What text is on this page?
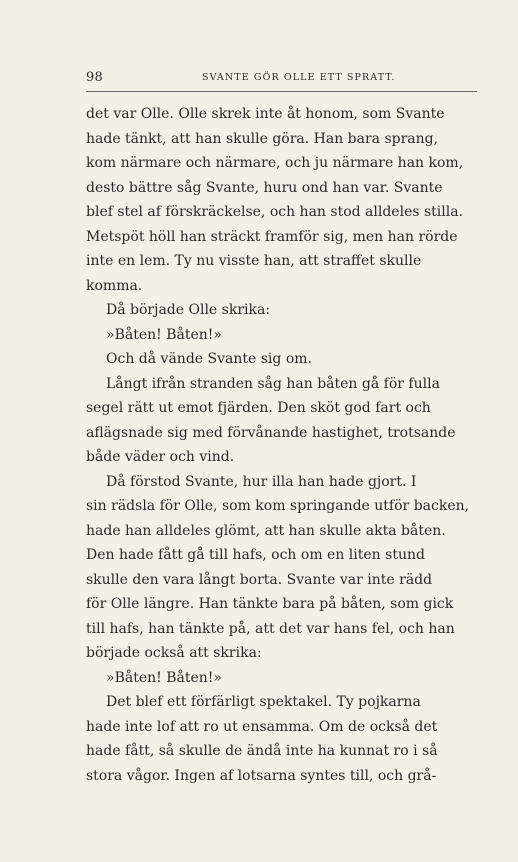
98	SVANTE GÖR OLLE ETT SPRATT.
det var Olle. Olle skrek inte åt honom, som Svante
hade tänkt, att han skulle göra. Han bara sprang,
kom närmare och närmare, och ju närmare han kom,
desto bättre såg Svante, huru ond han var. Svante
blef stel af förskräckelse, och han stod alldeles stilla.
Metspöt höll han sträckt framför sig, men han rörde
inte en lem. Ty nu visste han, att straffet skulle
komma.
Då började Olle skrika:
»Båten! Båten!»
Och då vände Svante sig om.
Långt ifrån stranden såg han båten gå för fulla
segel rätt ut emot fjärden. Den sköt god fart och
aflägsnade sig med förvånande hastighet, trotsande
både väder och vind.
Då förstod Svante, hur illa han hade gjort. I
sin rädsla för Olle, som kom springande utför backen,
hade han alldeles glömt, att han skulle akta båten.
Den hade fått gå till hafs, och om en liten stund
skulle den vara långt borta. Svante var inte rädd
för Olle längre. Han tänkte bara på båten, som gick
till hafs, han tänkte på, att det var hans fel, och han
började också att skrika:
»Båten! Båten!»
Det blef ett förfärligt spektakel. Ty pojkarna
hade inte lof att ro ut ensamma. Om de också det
hade fått, så skulle de ändå inte ha kunnat ro i så
stora vågor. Ingen af lotsarna syntes till, och grå-
